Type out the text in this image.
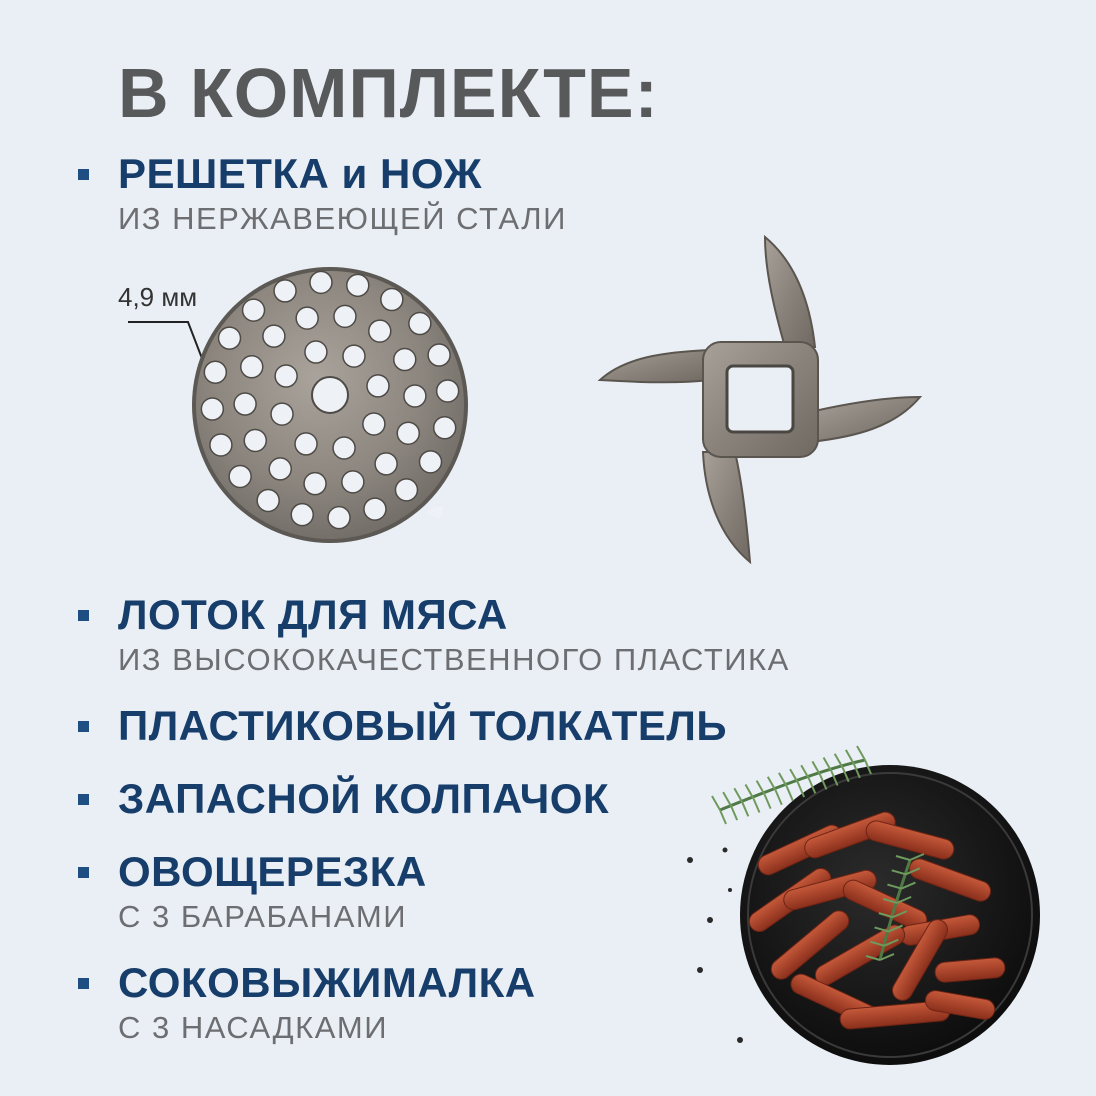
В КОМПЛЕКТЕ:
РЕШЕТКА и НОЖ
ИЗ НЕРЖАВЕЮЩЕЙ СТАЛИ
ЛОТОК ДЛЯ МЯСА
ИЗ ВЫСОКОКАЧЕСТВЕННОГО ПЛАСТИКА
ПЛАСТИКОВЫЙ ТОЛКАТЕЛЬ
ЗАПАСНОЙ КОЛПАЧОК
ОВОЩЕРЕЗКА
С 3 БАРАБАНАМИ
СОКОВЫЖИМАЛКА
С 3 НАСАДКАМИ
4,9 мм
